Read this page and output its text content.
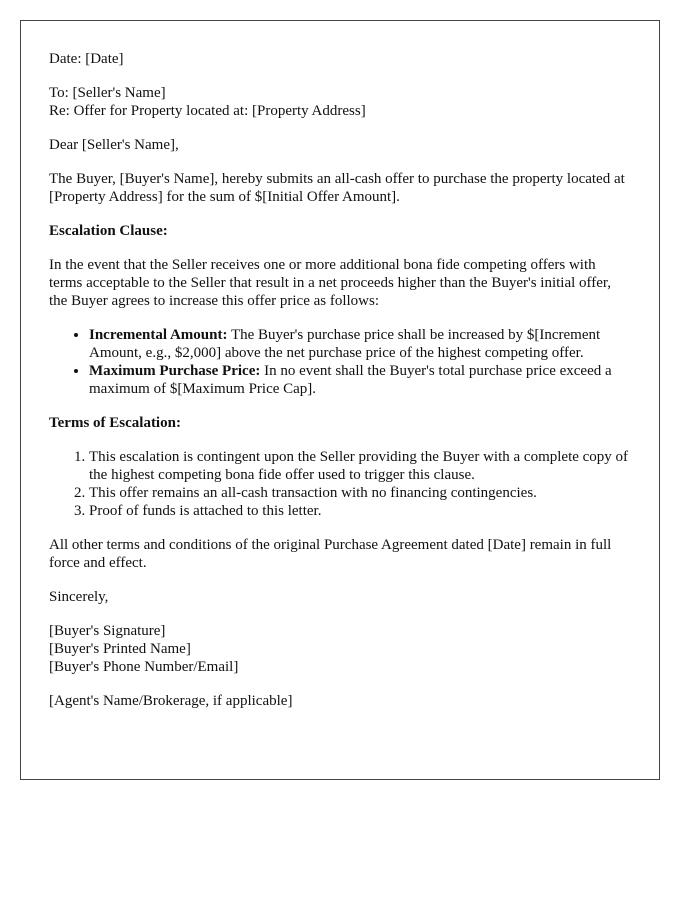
Date: [Date]

To: [Seller's Name]
Re: Offer for Property located at: [Property Address]

Dear [Seller's Name],

The Buyer, [Buyer's Name], hereby submits an all-cash offer to purchase the property located at [Property Address] for the sum of $[Initial Offer Amount].

Escalation Clause:

In the event that the Seller receives one or more additional bona fide competing offers with terms acceptable to the Seller that result in a net proceeds higher than the Buyer's initial offer, the Buyer agrees to increase this offer price as follows:

• Incremental Amount: The Buyer's purchase price shall be increased by $[Increment Amount, e.g., $2,000] above the net purchase price of the highest competing offer.
• Maximum Purchase Price: In no event shall the Buyer's total purchase price exceed a maximum of $[Maximum Price Cap].

Terms of Escalation:

1. This escalation is contingent upon the Seller providing the Buyer with a complete copy of the highest competing bona fide offer used to trigger this clause.
2. This offer remains an all-cash transaction with no financing contingencies.
3. Proof of funds is attached to this letter.

All other terms and conditions of the original Purchase Agreement dated [Date] remain in full force and effect.

Sincerely,

[Buyer's Signature]
[Buyer's Printed Name]
[Buyer's Phone Number/Email]

[Agent's Name/Brokerage, if applicable]
